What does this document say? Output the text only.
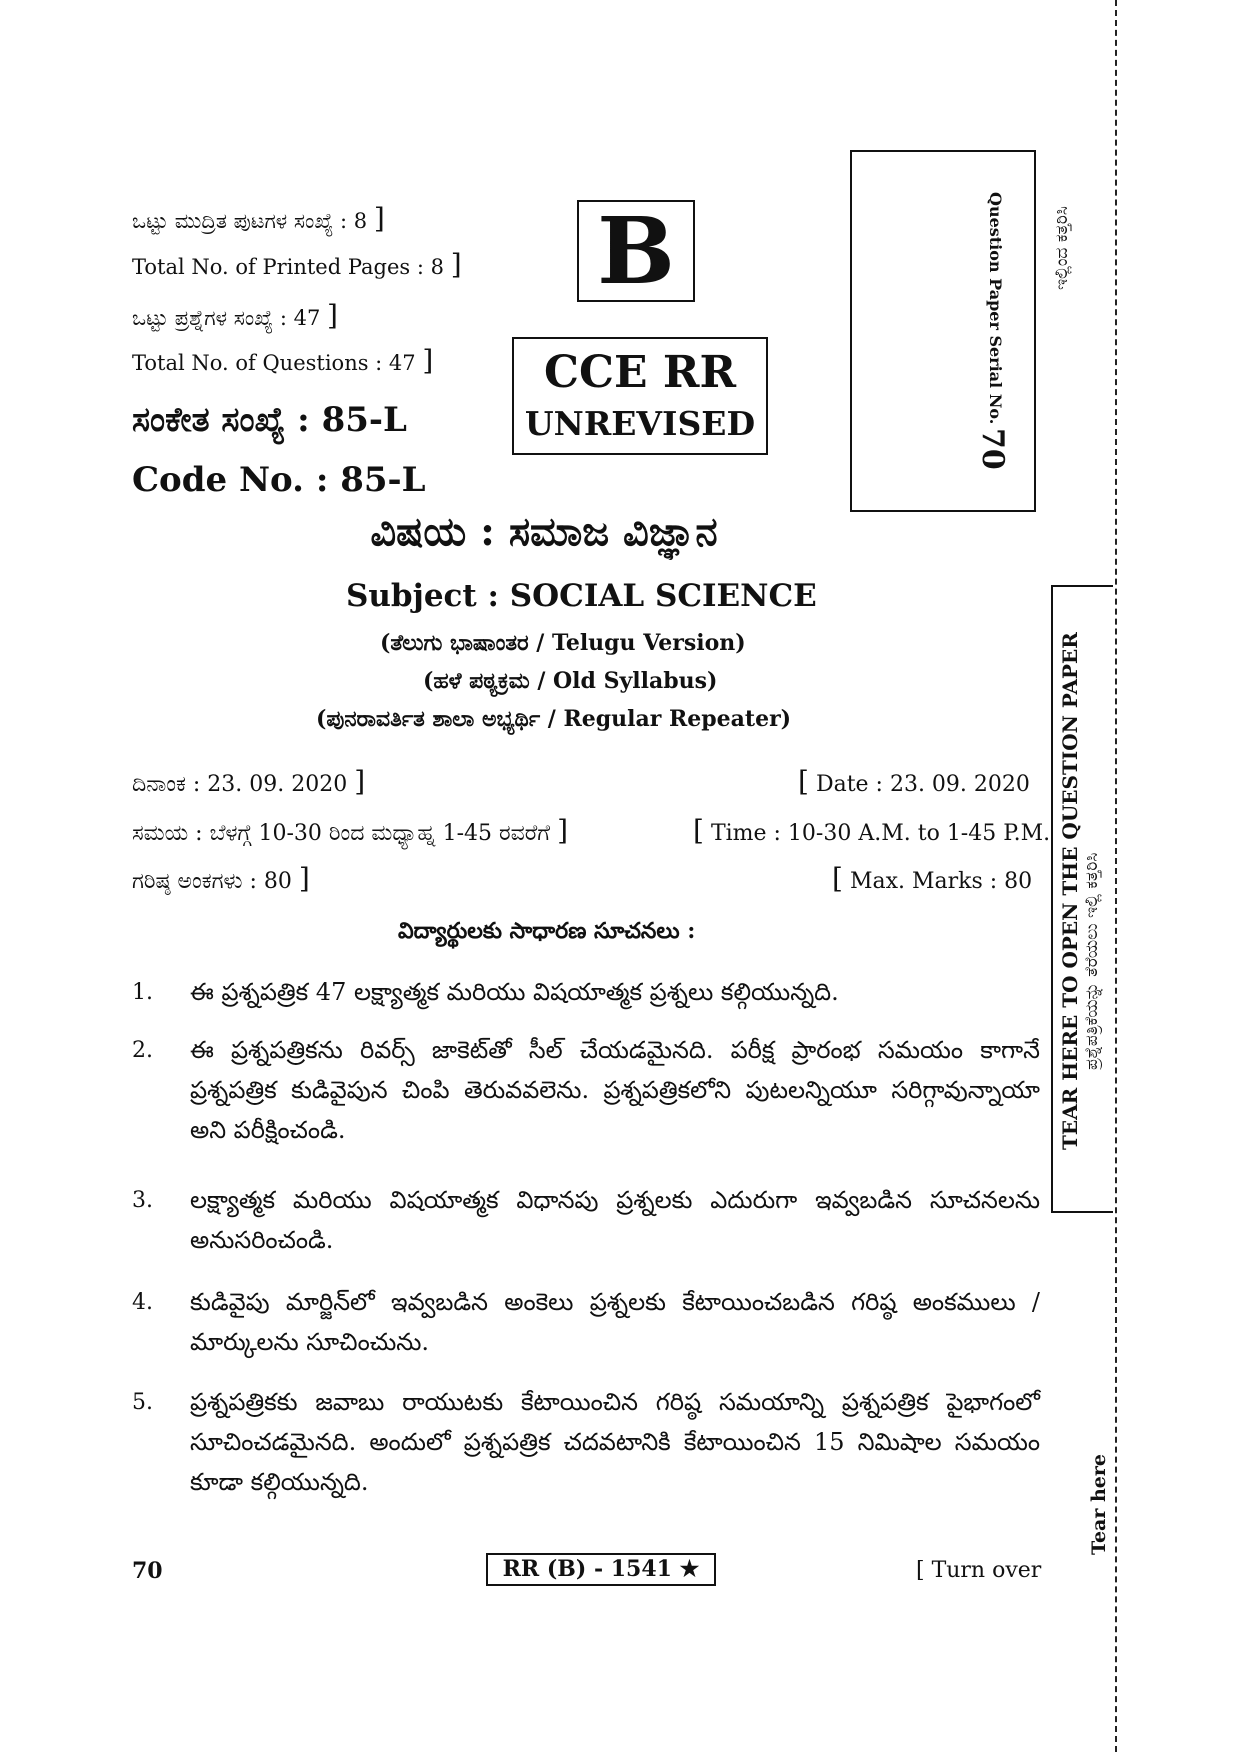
ಒಟ್ಟು ಮುದ್ರಿತ ಪುಟಗಳ ಸಂಖ್ಯೆ : 8 ]
Total No. of Printed Pages : 8 ]
ಒಟ್ಟು ಪ್ರಶ್ನೆಗಳ ಸಂಖ್ಯೆ : 47 ]
Total No. of Questions : 47 ]
ಸಂಕೇತ ಸಂಖ್ಯೆ : 85-L
Code No. : 85-L
B
CCE RR
UNREVISED	Question Paper Serial No.
70
ವಿಷಯ : ಸಮಾಜ ವಿಜ್ಞಾನ
Subject : SOCIAL SCIENCE
(ತೆಲುಗು ಭಾಷಾಂತರ / Telugu Version)
(ಹಳೆ ಪಠ್ಯಕ್ರಮ / Old Syllabus)
(ಪುನರಾವರ್ತಿತ ಶಾಲಾ ಅಭ್ಯರ್ಥಿ / Regular Repeater)
ದಿನಾಂಕ : 23. 09. 2020 ]	[ Date : 23. 09. 2020
ಸಮಯ : ಬೆಳಗ್ಗೆ 10-30 ರಿಂದ ಮಧ್ಯಾಹ್ನ 1-45 ರವರೆಗೆ ]	[ Time : 10-30 A.M. to 1-45 P.M.
ಗರಿಷ್ಠ ಅಂಕಗಳು : 80 ]	[ Max. Marks : 80
విద్యార్థులకు సాధారణ సూచనలు :
1. ఈ ప్రశ్నపత్రిక 47 లక్ష్యాత్మక మరియు విషయాత్మక ప్రశ్నలు కల్గియున్నది.
2. ఈ ప్రశ్నపత్రికను రివర్స్ జాకెట్‌తో సీల్ చేయడమైనది. పరీక్ష ప్రారంభ సమయం కాగానే ప్రశ్నపత్రిక కుడివైపున చింపి తెరువవలెను. ప్రశ్నపత్రికలోని పుటలన్నియూ సరిగ్గావున్నాయా అని పరీక్షించండి.
3. లక్ష్యాత్మక మరియు విషయాత్మక విధానపు ప్రశ్నలకు ఎదురుగా ఇవ్వబడిన సూచనలను అనుసరించండి.
4. కుడివైపు మార్జిన్‌లో ఇవ్వబడిన అంకెలు ప్రశ్నలకు కేటాయించబడిన గరిష్ఠ అంకములు / మార్కులను సూచించును.
5. ప్రశ్నపత్రికకు జవాబు రాయుటకు కేటాయించిన గరిష్ఠ సమయాన్ని ప్రశ్నపత్రిక పైభాగంలో సూచించడమైనది. అందులో ప్రశ్నపత్రిక చదవటానికి కేటాయించిన 15 నిమిషాల సమయం కూడా కల్గియున్నది.
ಇಲ್ಲಿಂದ ಕತ್ತರಿಸಿ
TEAR HERE TO OPEN THE QUESTION PAPER ಪ್ರಶ್ನೆಪತ್ರಿಕೆಯನ್ನು ತೆರೆಯಲು ಇಲ್ಲಿ ಕತ್ತರಿಸಿ
Tear here
70	RR (B) - 1541 ★	[ Turn over
